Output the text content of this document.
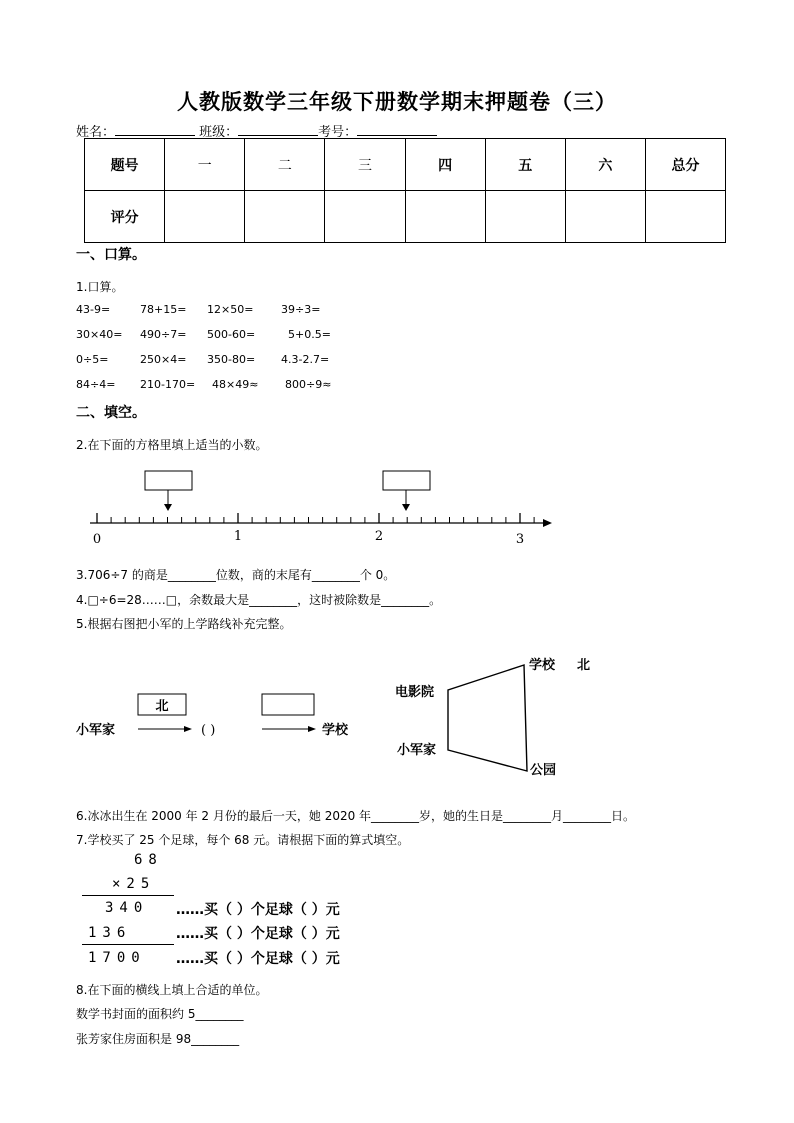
人教版数学三年级下册数学期末押题卷（三）
姓名：	班级：	考号：
题号	一	二	三	四	五	六	总分
评分							
一、口算。
1.口算。
43-9=	78+15= 12×50=	39÷3=
30×40= 490÷7= 500-60=	5+0.5=
0÷5=	250×4= 350-80= 4.3-2.7=
84÷4= 210-170= 48×49≈ 800÷9≈
二、填空。
2.在下面的方格里填上适当的小数。
0	1	2	3
3.706÷7 的商是________位数，商的末尾有________个 0。
4.□÷6=28……□，余数最大是________，这时被除数是________。
5.根据右图把小军的上学路线补充完整。
北
小军家	( )	学校
学校 北
电影院
小军家
公园
6.冰冰出生在 2000 年 2 月份的最后一天，她 2020 年________岁，她的生日是________月________日。
7.学校买了 25 个足球，每个 68 元。请根据下面的算式填空。
68
×25
340
136
1700
……买（ ）个足球（ ）元
……买（ ）个足球（ ）元
……买（ ）个足球（ ）元
8.在下面的横线上填上合适的单位。
数学书封面的面积约 5________
张芳家住房面积是 98________
